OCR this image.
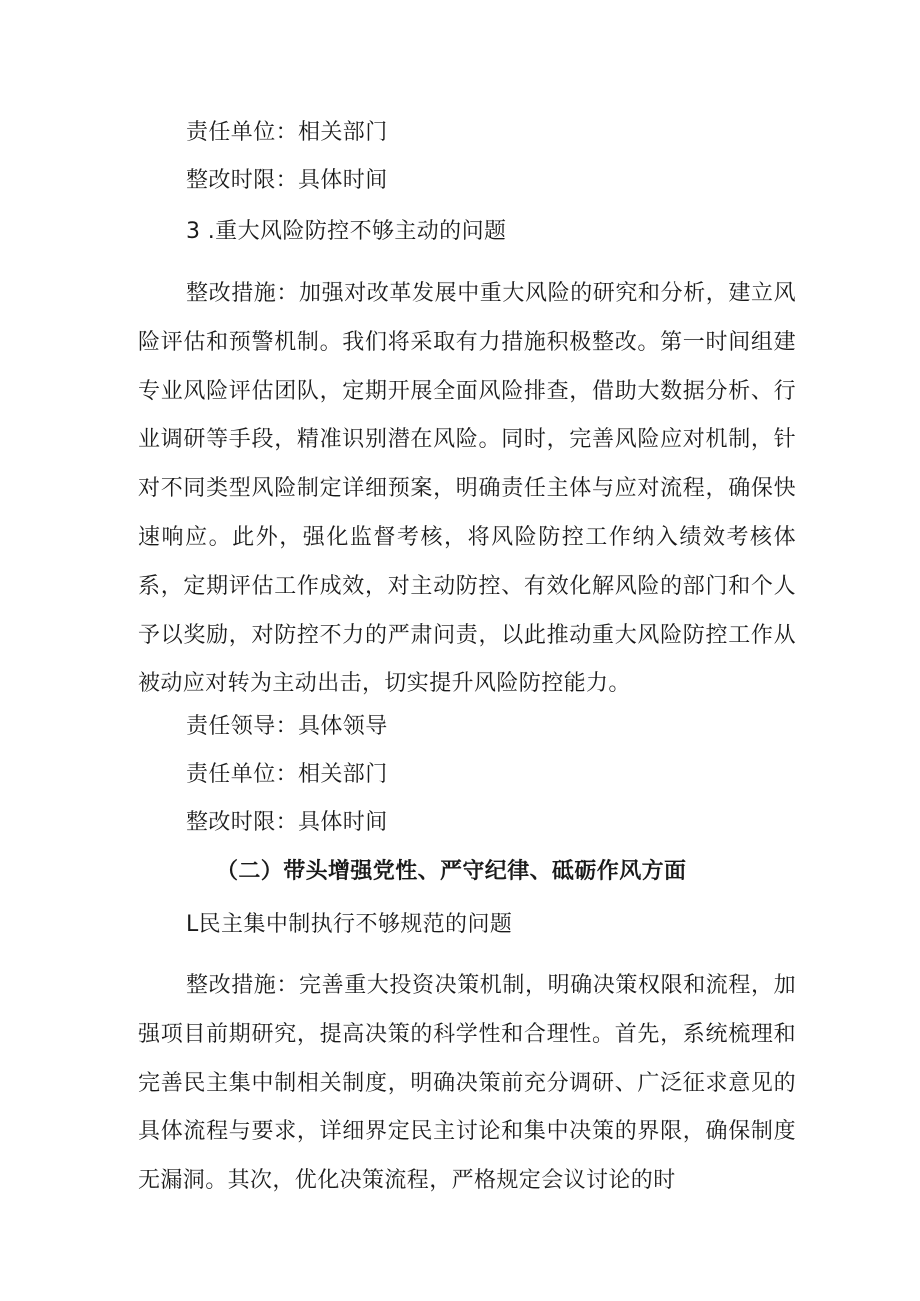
责任单位：相关部门
整改时限：具体时间
3 .重大风险防控不够主动的问题

整改措施：加强对改革发展中重大风险的研究和分析，建立风险评估和预警机制。我们将采取有力措施积极整改。第一时间组建专业风险评估团队，定期开展全面风险排查，借助大数据分析、行业调研等手段，精准识别潜在风险。同时，完善风险应对机制，针对不同类型风险制定详细预案，明确责任主体与应对流程，确保快速响应。此外，强化监督考核，将风险防控工作纳入绩效考核体系，定期评估工作成效，对主动防控、有效化解风险的部门和个人予以奖励，对防控不力的严肃问责，以此推动重大风险防控工作从被动应对转为主动出击，切实提升风险防控能力。

责任领导：具体领导
责任单位：相关部门
整改时限：具体时间
（二）带头增强党性、严守纪律、砥砺作风方面
L民主集中制执行不够规范的问题

整改措施：完善重大投资决策机制，明确决策权限和流程，加强项目前期研究，提高决策的科学性和合理性。首先，系统梳理和完善民主集中制相关制度，明确决策前充分调研、广泛征求意见的具体流程与要求，详细界定民主讨论和集中决策的界限，确保制度无漏洞。其次，优化决策流程，严格规定会议讨论的时
